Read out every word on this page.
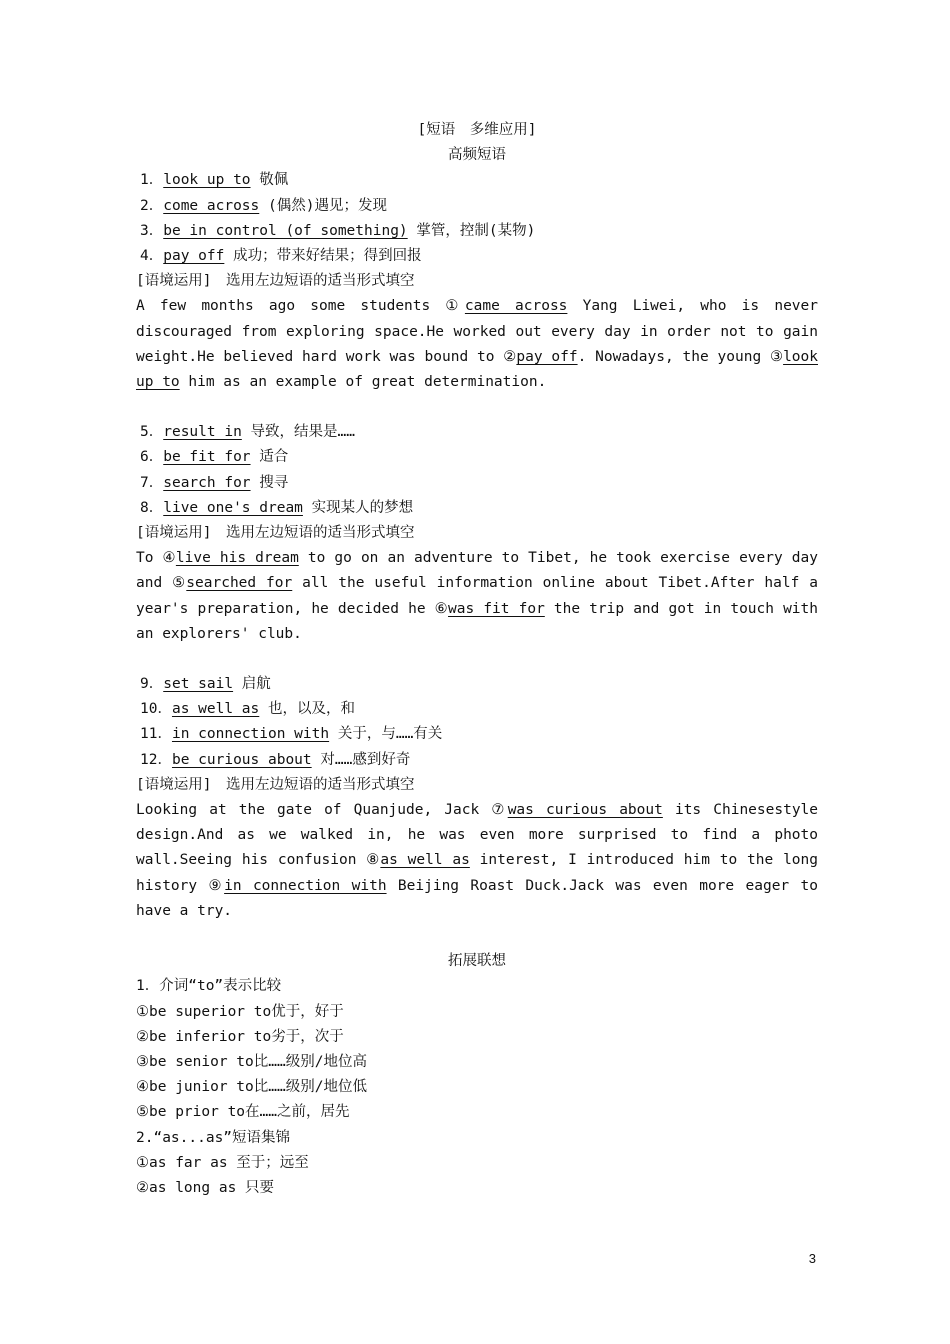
[短语　多维应用]
高频短语
1．look up to 敬佩
2．come across (偶然)遇见；发现
3．be in control (of something) 掌管，控制(某物)
4．pay off 成功；带来好结果；得到回报
[语境运用]　选用左边短语的适当形式填空
A few months ago some students ①came across Yang Liwei, who is never discouraged from exploring space.He worked out every day in order not to gain weight.He believed hard work was bound to ②pay off. Nowadays, the young ③look up to him as an example of great determination.
5．result in 导致，结果是……
6．be fit for 适合
7．search for 搜寻
8．live one's dream 实现某人的梦想
[语境运用]　选用左边短语的适当形式填空
To ④live his dream to go on an adventure to Tibet, he took exercise every day and ⑤searched for all the useful information online about Tibet.After half a year's preparation, he decided he ⑥was fit for the trip and got in touch with an explorers' club.
9．set sail 启航
10．as well as 也，以及，和
11．in connection with 关于，与……有关
12．be curious about 对……感到好奇
[语境运用]　选用左边短语的适当形式填空
Looking at the gate of Quanjude, Jack ⑦was curious about its Chinesestyle design.And as we walked in, he was even more surprised to find a photo wall.Seeing his confusion ⑧as well as interest, I introduced him to the long history ⑨in connection with Beijing Roast Duck.Jack was even more eager to have a try.
拓展联想
1．介词“to”表示比较
①be superior to优于，好于
②be inferior to劣于，次于
③be senior to比……级别/地位高
④be junior to比……级别/地位低
⑤be prior to在……之前，居先
2.“as...as”短语集锦
①as far as 至于；远至
②as long as 只要
3
